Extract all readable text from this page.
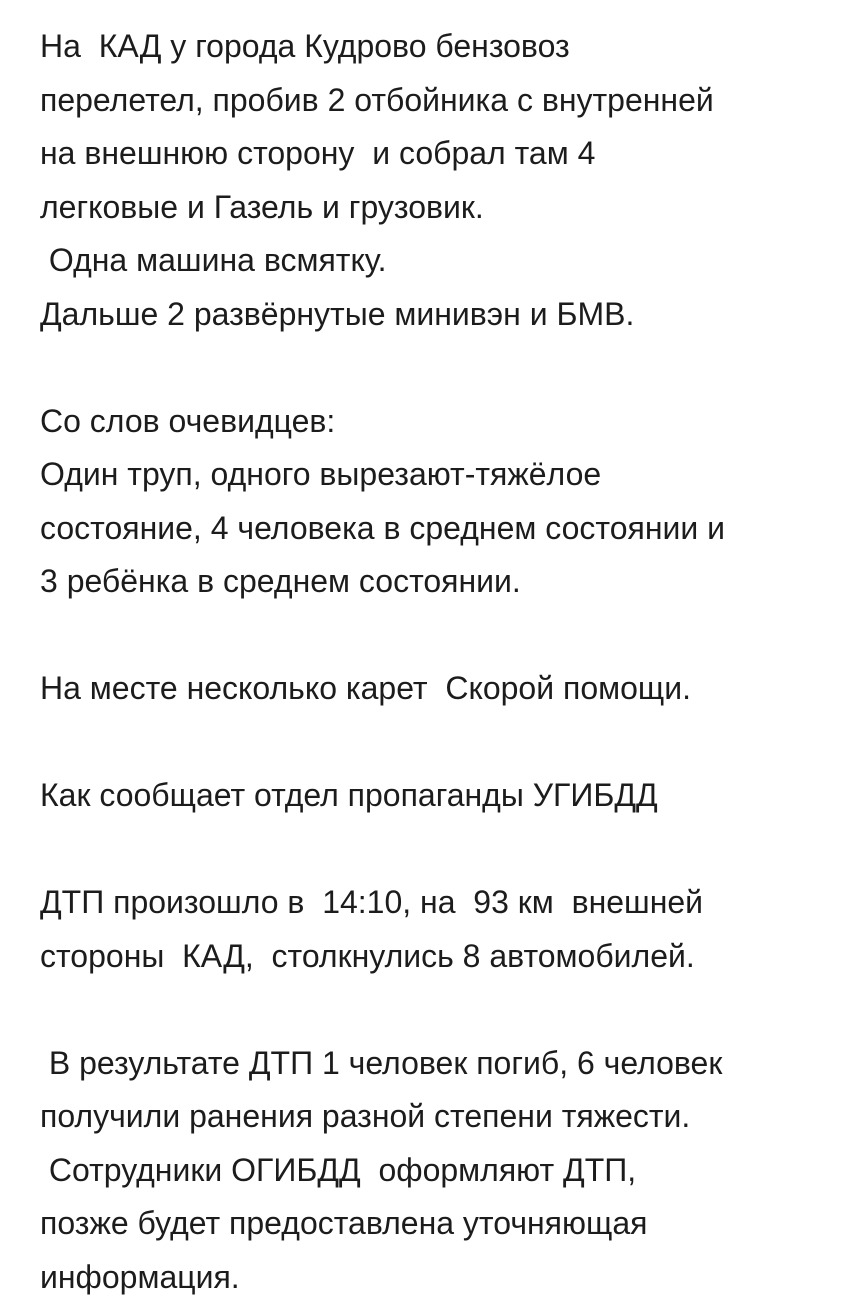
На  КАД у города Кудрово бензовоз
перелетел, пробив 2 отбойника с внутренней
на внешнюю сторону  и собрал там 4
легковые и Газель и грузовик.
Одна машина всмятку.
Дальше 2 развёрнутые минивэн и БМВ.
Со слов очевидцев:
Один труп, одного вырезают-тяжёлое
состояние, 4 человека в среднем состоянии и
3 ребёнка в среднем состоянии.
На месте несколько карет  Скорой помощи.
Как сообщает отдел пропаганды УГИБДД
ДТП произошло в  14:10, на  93 км  внешней
стороны  КАД,  столкнулись 8 автомобилей.
В результате ДТП 1 человек погиб, 6 человек
получили ранения разной степени тяжести.
Сотрудники ОГИБДД  оформляют ДТП,
позже будет предоставлена уточняющая
информация.
